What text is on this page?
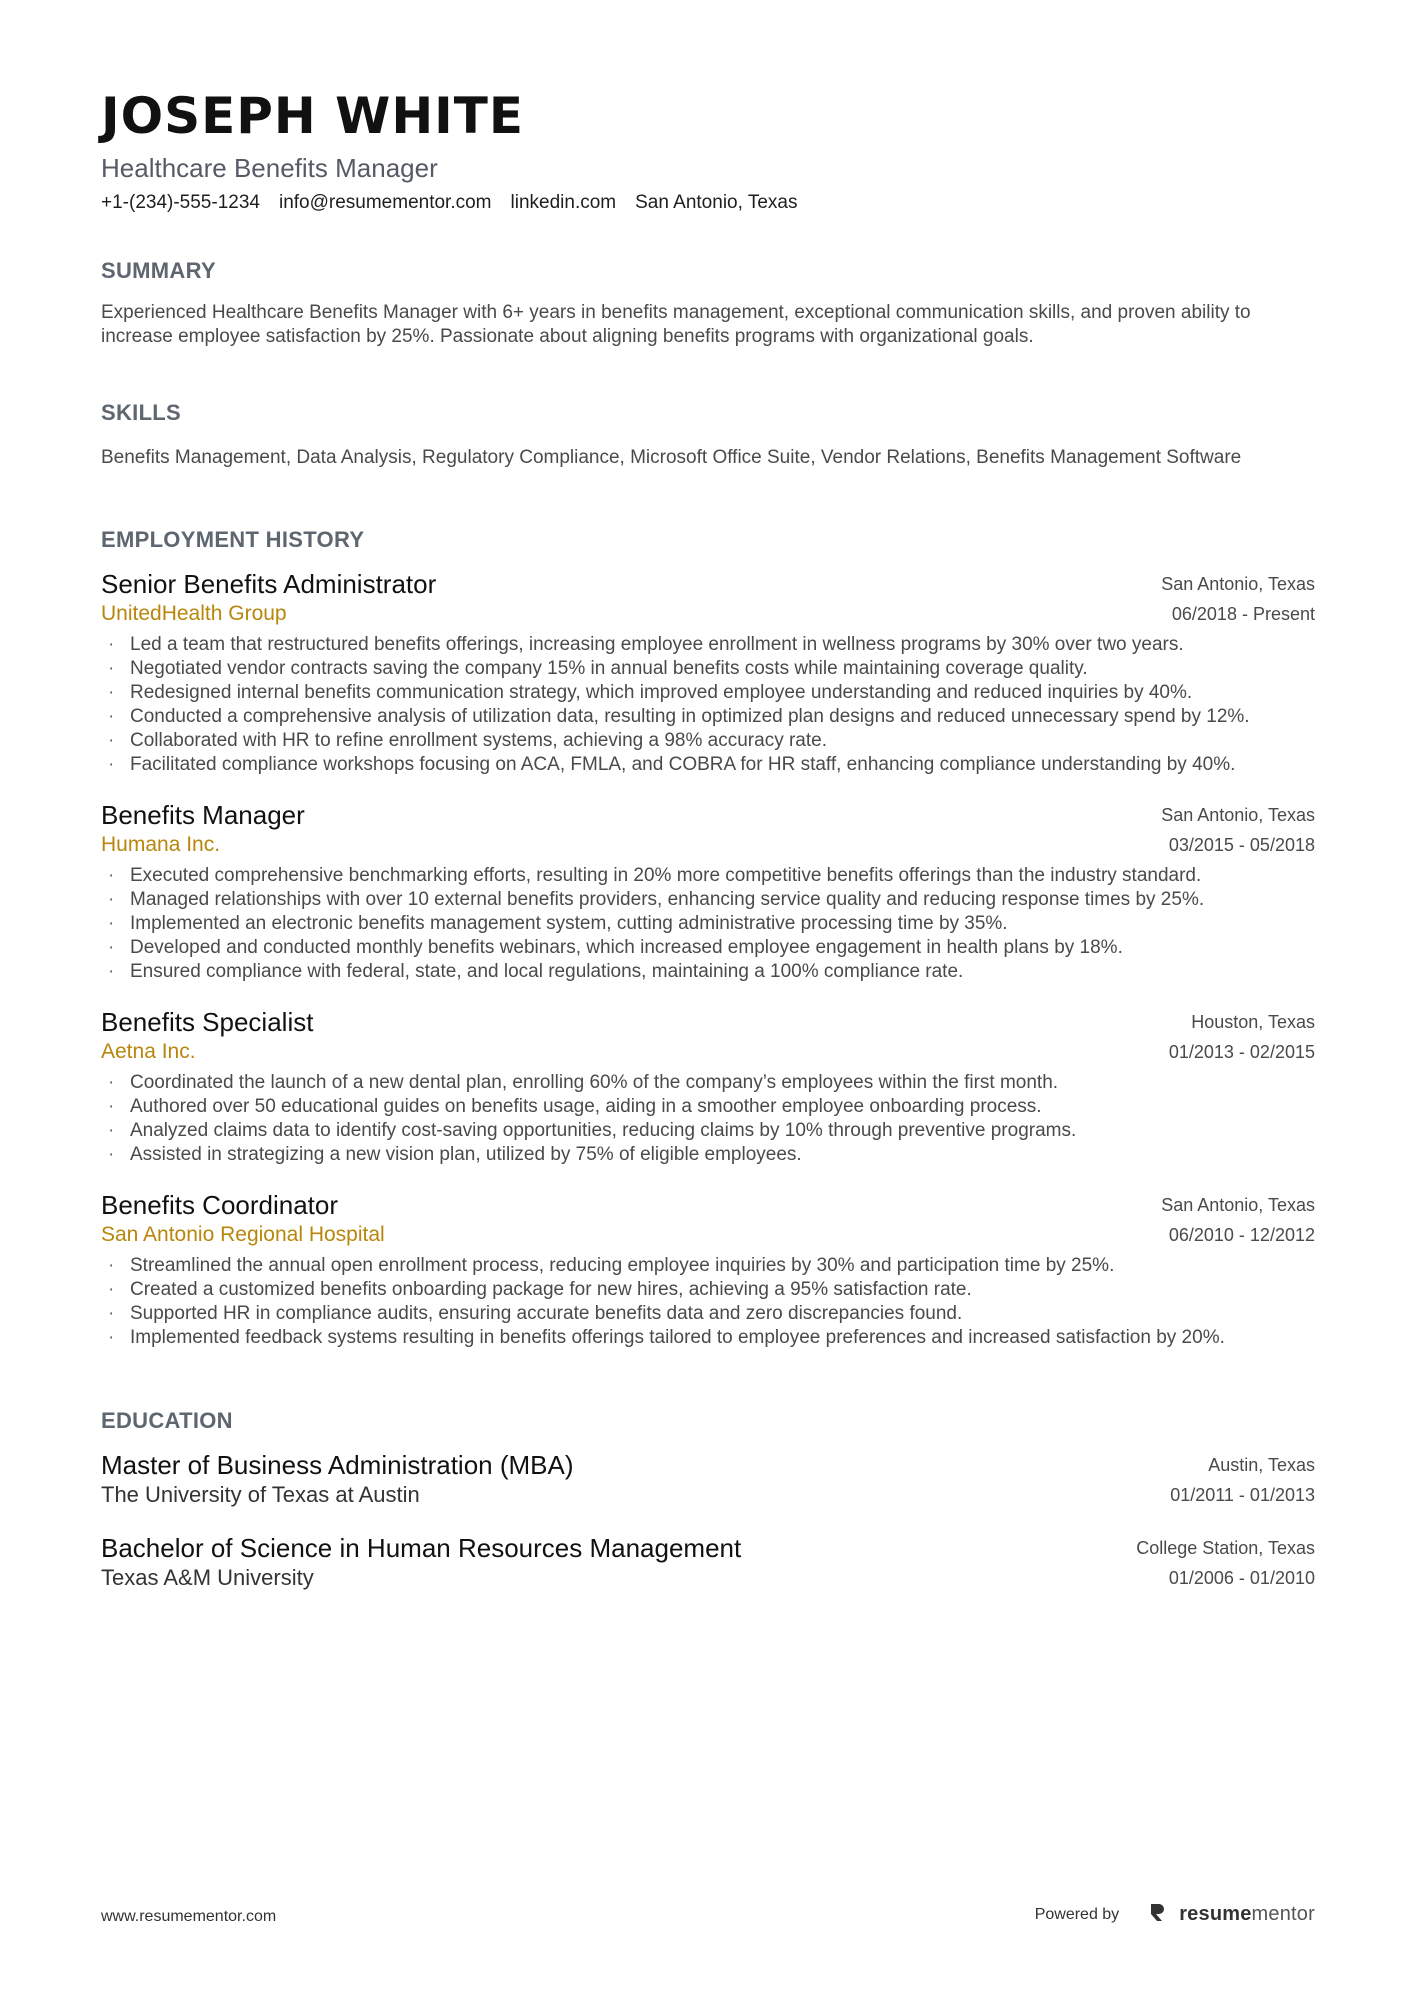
JOSEPH WHITE
Healthcare Benefits Manager
+1-(234)-555-1234 info@resumementor.com linkedin.com San Antonio, Texas
SUMMARY
Experienced Healthcare Benefits Manager with 6+ years in benefits management, exceptional communication skills, and proven ability to increase employee satisfaction by 25%. Passionate about aligning benefits programs with organizational goals.
SKILLS
Benefits Management, Data Analysis, Regulatory Compliance, Microsoft Office Suite, Vendor Relations, Benefits Management Software
EMPLOYMENT HISTORY
Senior Benefits Administrator	San Antonio, Texas
UnitedHealth Group	06/2018 - Present
· Led a team that restructured benefits offerings, increasing employee enrollment in wellness programs by 30% over two years.
· Negotiated vendor contracts saving the company 15% in annual benefits costs while maintaining coverage quality.
· Redesigned internal benefits communication strategy, which improved employee understanding and reduced inquiries by 40%.
· Conducted a comprehensive analysis of utilization data, resulting in optimized plan designs and reduced unnecessary spend by 12%.
· Collaborated with HR to refine enrollment systems, achieving a 98% accuracy rate.
· Facilitated compliance workshops focusing on ACA, FMLA, and COBRA for HR staff, enhancing compliance understanding by 40%.
Benefits Manager	San Antonio, Texas
Humana Inc.	03/2015 - 05/2018
· Executed comprehensive benchmarking efforts, resulting in 20% more competitive benefits offerings than the industry standard.
· Managed relationships with over 10 external benefits providers, enhancing service quality and reducing response times by 25%.
· Implemented an electronic benefits management system, cutting administrative processing time by 35%.
· Developed and conducted monthly benefits webinars, which increased employee engagement in health plans by 18%.
· Ensured compliance with federal, state, and local regulations, maintaining a 100% compliance rate.
Benefits Specialist	Houston, Texas
Aetna Inc.	01/2013 - 02/2015
· Coordinated the launch of a new dental plan, enrolling 60% of the company’s employees within the first month.
· Authored over 50 educational guides on benefits usage, aiding in a smoother employee onboarding process.
· Analyzed claims data to identify cost-saving opportunities, reducing claims by 10% through preventive programs.
· Assisted in strategizing a new vision plan, utilized by 75% of eligible employees.
Benefits Coordinator	San Antonio, Texas
San Antonio Regional Hospital	06/2010 - 12/2012
· Streamlined the annual open enrollment process, reducing employee inquiries by 30% and participation time by 25%.
· Created a customized benefits onboarding package for new hires, achieving a 95% satisfaction rate.
· Supported HR in compliance audits, ensuring accurate benefits data and zero discrepancies found.
· Implemented feedback systems resulting in benefits offerings tailored to employee preferences and increased satisfaction by 20%.
EDUCATION
Master of Business Administration (MBA)	Austin, Texas
The University of Texas at Austin	01/2011 - 01/2013
Bachelor of Science in Human Resources Management	College Station, Texas
Texas A&M University	01/2006 - 01/2010
www.resumementor.com	Powered by	resumementor
